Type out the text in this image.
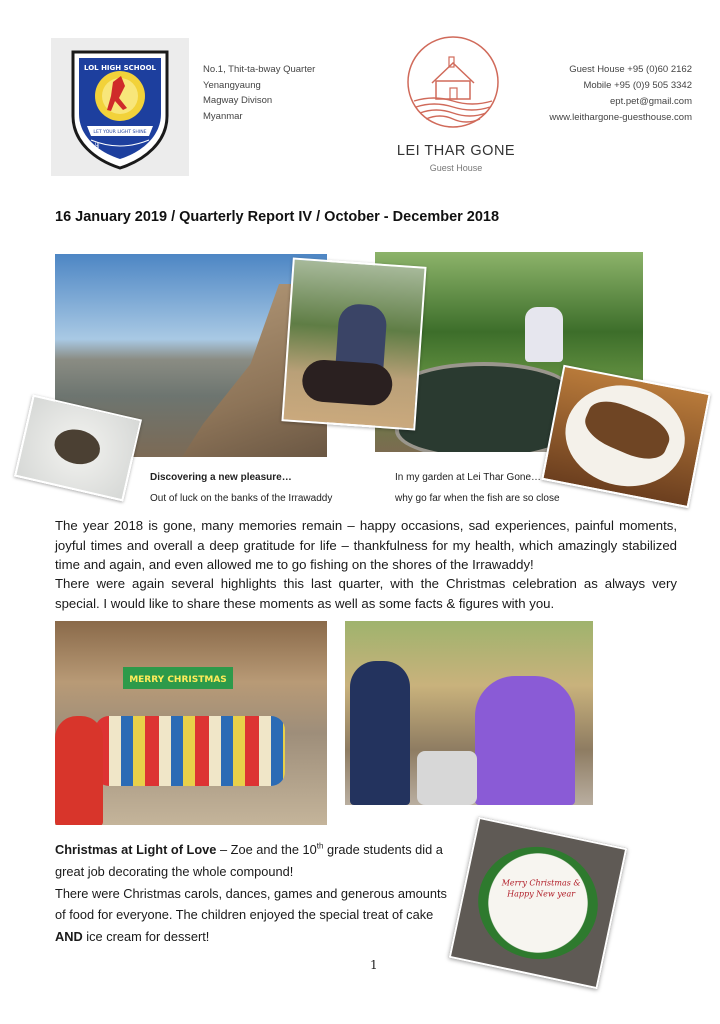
ᦼ
LOL HIGH SCHOOL
LET YOUR LIGHT SHINE
No.1, Thit-ta-bway Quarter
Yenangyaung
Magway Divison
Myanmar
LEI THAR GONE
Guest House
Guest House +95 (0)60 2162
Mobile +95 (0)9 505 3342
ept.pet@gmail.com
www.leithargone-guesthouse.com
16 January 2019 / Quarterly Report IV / October - December 2018
Discovering a new pleasure…
Out of luck on the banks of the Irrawaddy
In my garden at Lei Thar Gone…
why go far when the fish are so close
The year 2018 is gone, many memories remain – happy occasions, sad experiences, painful moments, joyful times and overall a deep gratitude for life – thankfulness for my health, which amazingly stabilized time and again, and even allowed me to go fishing on the shores of the Irrawaddy!
There were again several highlights this last quarter, with the Christmas celebration as always very special. I would like to share these moments as well as some facts & figures with you.
MERRY CHRISTMAS
Christmas at Light of Love – Zoe and the 10th grade students did a great job decorating the whole compound!
There were Christmas carols, dances, games and generous amounts of food for everyone. The children enjoyed the special treat of cake AND ice cream for dessert!
Merry Christmas & Happy New year
1
